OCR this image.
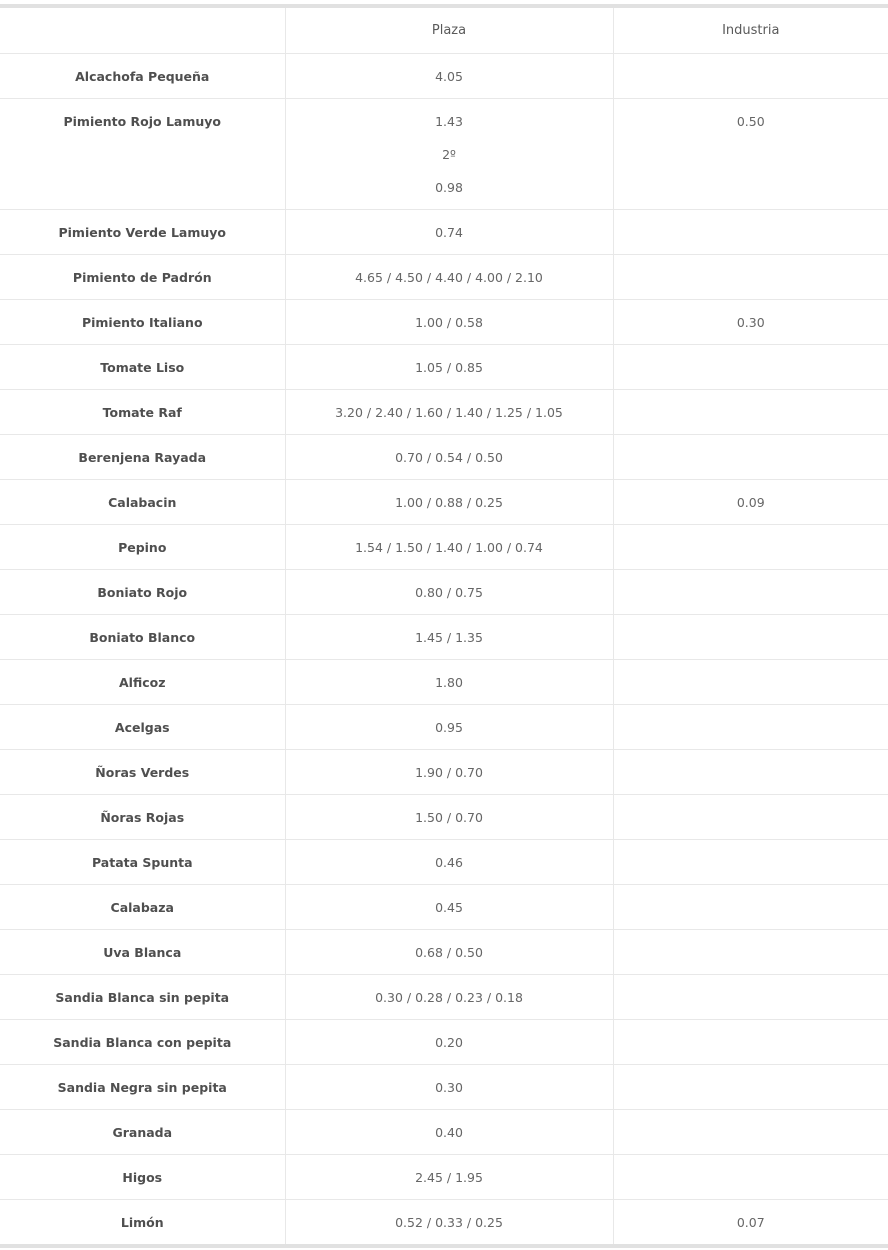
	Plaza	Industria
Alcachofa Pequeña	4.05	

Pimiento Rojo Lamuyo	1.43
2º
0.98	0.50
Pimiento Verde Lamuyo	0.74	

Pimiento de Padrón	4.65 / 4.50 / 4.40 / 4.00 / 2.10	

Pimiento Italiano	1.00 / 0.58	0.30
Tomate Liso	1.05 / 0.85	

Tomate Raf	3.20 / 2.40 / 1.60 / 1.40 / 1.25 / 1.05	

Berenjena Rayada	0.70 / 0.54 / 0.50	

Calabacin	1.00 / 0.88 / 0.25	0.09
Pepino	1.54 / 1.50 / 1.40 / 1.00 / 0.74	

Boniato Rojo	0.80 / 0.75	

Boniato Blanco	1.45 / 1.35	

Alficoz	1.80	

Acelgas	0.95	

Ñoras Verdes	1.90 / 0.70	

Ñoras Rojas	1.50 / 0.70	

Patata Spunta	0.46	

Calabaza	0.45	

Uva Blanca	0.68 / 0.50	

Sandia Blanca sin pepita	0.30 / 0.28 / 0.23 / 0.18	

Sandia Blanca con pepita	0.20	

Sandia Negra sin pepita	0.30	

Granada	0.40	

Higos	2.45 / 1.95	

Limón	0.52 / 0.33 / 0.25	0.07
